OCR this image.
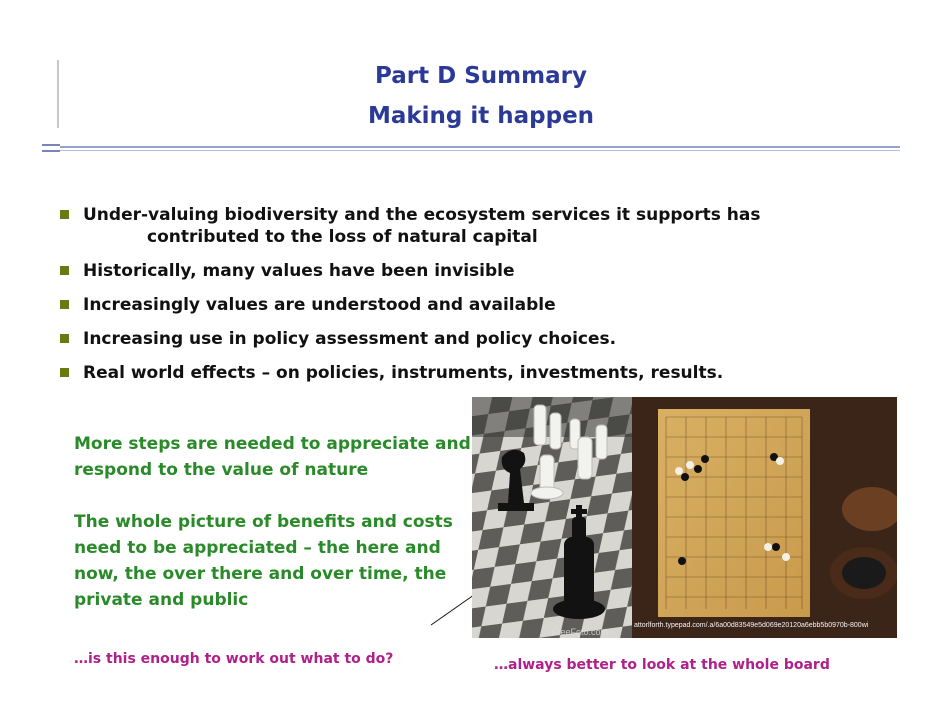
Part D Summary
Making it happen
Under-valuing biodiversity and the ecosystem services it supports has
contributed to the loss of natural capital
Historically, many values have been invisible
Increasingly values are understood and available
Increasing use in policy assessment and policy choices.
Real world effects – on policies, instruments, investments, results.
More steps are needed to appreciate and respond to the value of nature
The whole picture of benefits and costs need to be appreciated – the here and now, the over there and over time, the private and public
attorlforth.typepad.com/.a/6a00d83549e5d069e20120a6ebb5b0970b-800wi
FreeFoto.com
…is this enough to work out what to do?	…always better to look at the whole board
